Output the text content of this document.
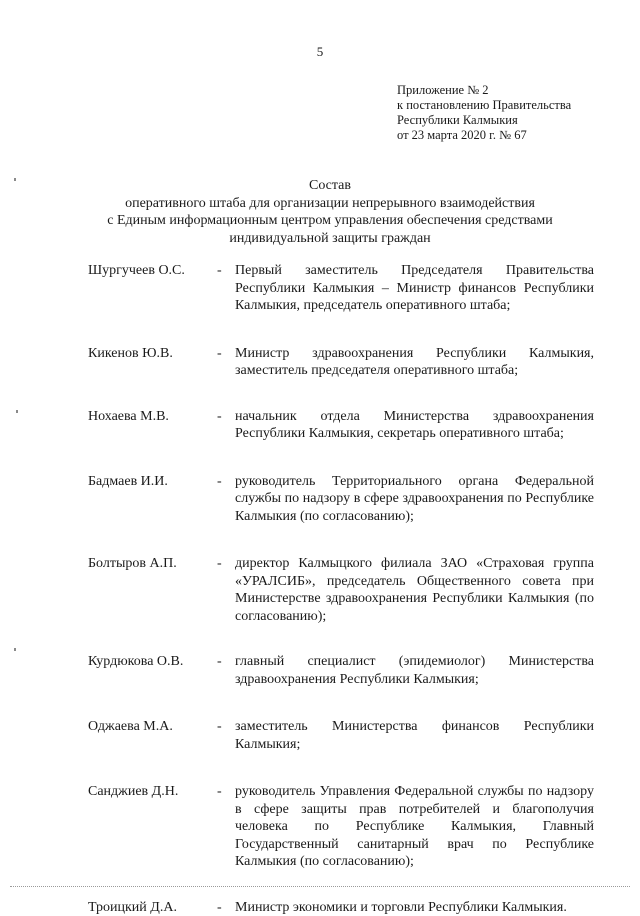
5
Приложение № 2
к постановлению Правительства
Республики Калмыкия
от 23 марта 2020 г. № 67
Состав
оперативного штаба для организации непрерывного взаимодействия
с Единым информационным центром управления обеспечения средствами
индивидуальной защиты граждан
Шургучеев О.С. - Первый заместитель Председателя Правительства Республики Калмыкия – Министр финансов Республики Калмыкия, председатель оперативного штаба;
Кикенов Ю.В.	- Министр здравоохранения Республики Калмыкия, заместитель председателя оперативного штаба;
Нохаева М.В.	- начальник отдела Министерства здравоохранения Республики Калмыкия, секретарь оперативного штаба;
Бадмаев И.И.	- руководитель Территориального органа Федеральной службы по надзору в сфере здравоохранения по Республике Калмыкия (по согласованию);
Болтыров А.П.	- директор Калмыцкого филиала ЗАО «Страховая группа «УРАЛСИБ», председатель Общественного совета при Министерстве здравоохранения Республики Калмыкия (по согласованию);
Курдюкова О.В. - главный специалист (эпидемиолог) Министерства здравоохранения Республики Калмыкия;
Оджаева М.А.	- заместитель Министерства финансов Республики Калмыкия;
Санджиев Д.Н.	- руководитель Управления Федеральной службы по надзору в сфере защиты прав потребителей и благополучия человека по Республике Калмыкия, Главный Государственный санитарный врач по Республике Калмыкия (по согласованию);
Троицкий Д.А.	- Министр экономики и торговли Республики Калмыкия.
